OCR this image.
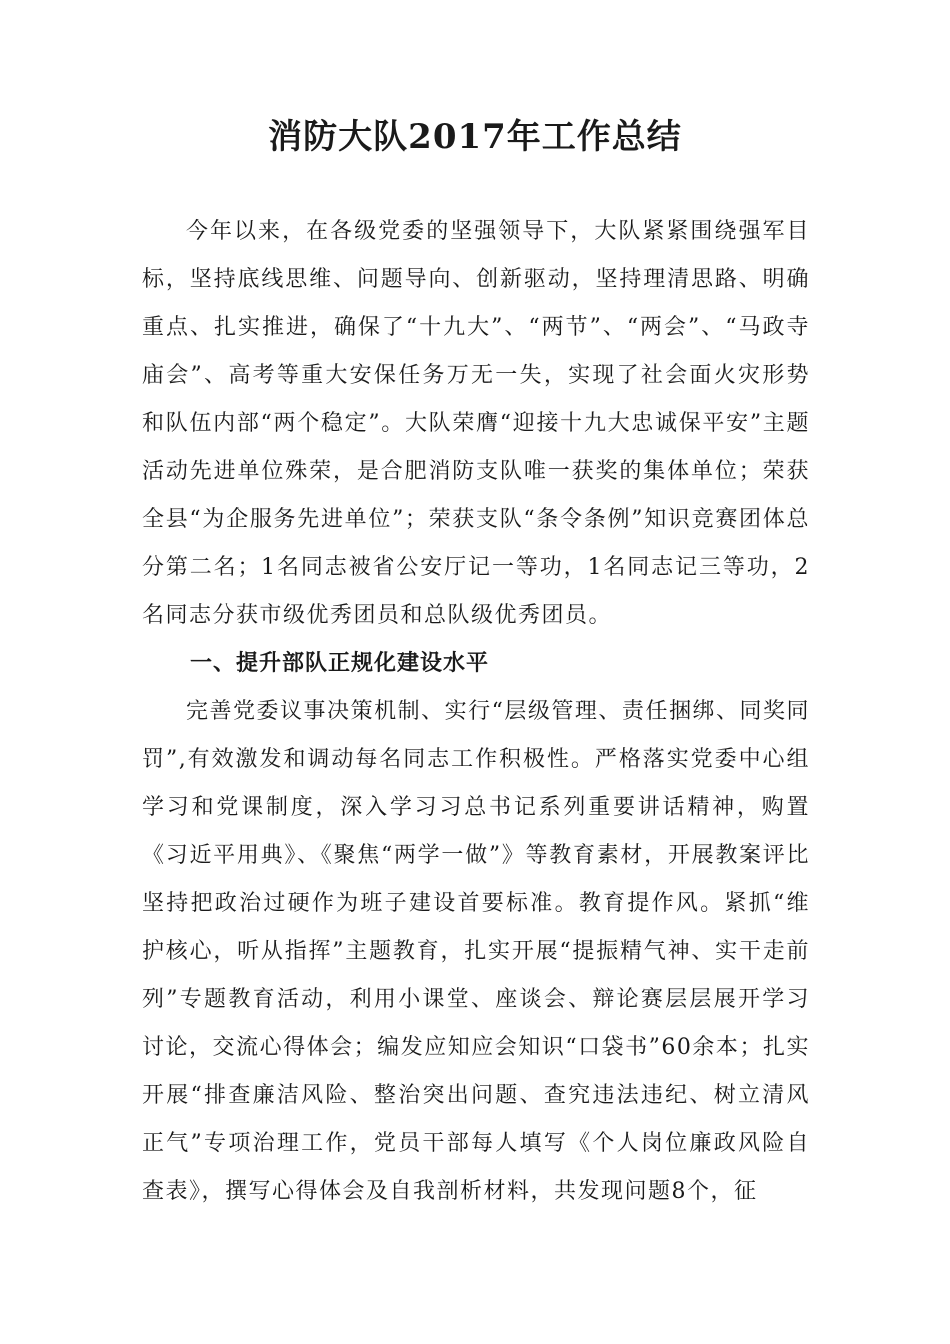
消防大队2017年工作总结

今年以来，在各级党委的坚强领导下，大队紧紧围绕强军目标，坚持底线思维、问题导向、创新驱动，坚持理清思路、明确重点、扎实推进，确保了“十九大”、“两节”、“两会”、“马政寺庙会”、高考等重大安保任务万无一失，实现了社会面火灾形势和队伍内部“两个稳定”。大队荣膺“迎接十九大忠诚保平安”主题活动先进单位殊荣，是合肥消防支队唯一获奖的集体单位；荣获全县“为企服务先进单位”；荣获支队“条令条例”知识竞赛团体总分第二名；1名同志被省公安厅记一等功，1名同志记三等功，2名同志分获市级优秀团员和总队级优秀团员。

一、提升部队正规化建设水平

完善党委议事决策机制、实行“层级管理、责任捆绑、同奖同罚”,有效激发和调动每名同志工作积极性。严格落实党委中心组学习和党课制度，深入学习习总书记系列重要讲话精神，购置《习近平用典》、《聚焦“两学一做”》等教育素材，开展教案评比坚持把政治过硬作为班子建设首要标准。教育提作风。紧抓“维护核心，听从指挥”主题教育，扎实开展“提振精气神、实干走前列”专题教育活动，利用小课堂、座谈会、辩论赛层层展开学习讨论，交流心得体会；编发应知应会知识“口袋书”60余本；扎实开展“排查廉洁风险、整治突出问题、查究违法违纪、树立清风正气”专项治理工作，党员干部每人填写《个人岗位廉政风险自查表》，撰写心得体会及自我剖析材料，共发现问题8个，征
